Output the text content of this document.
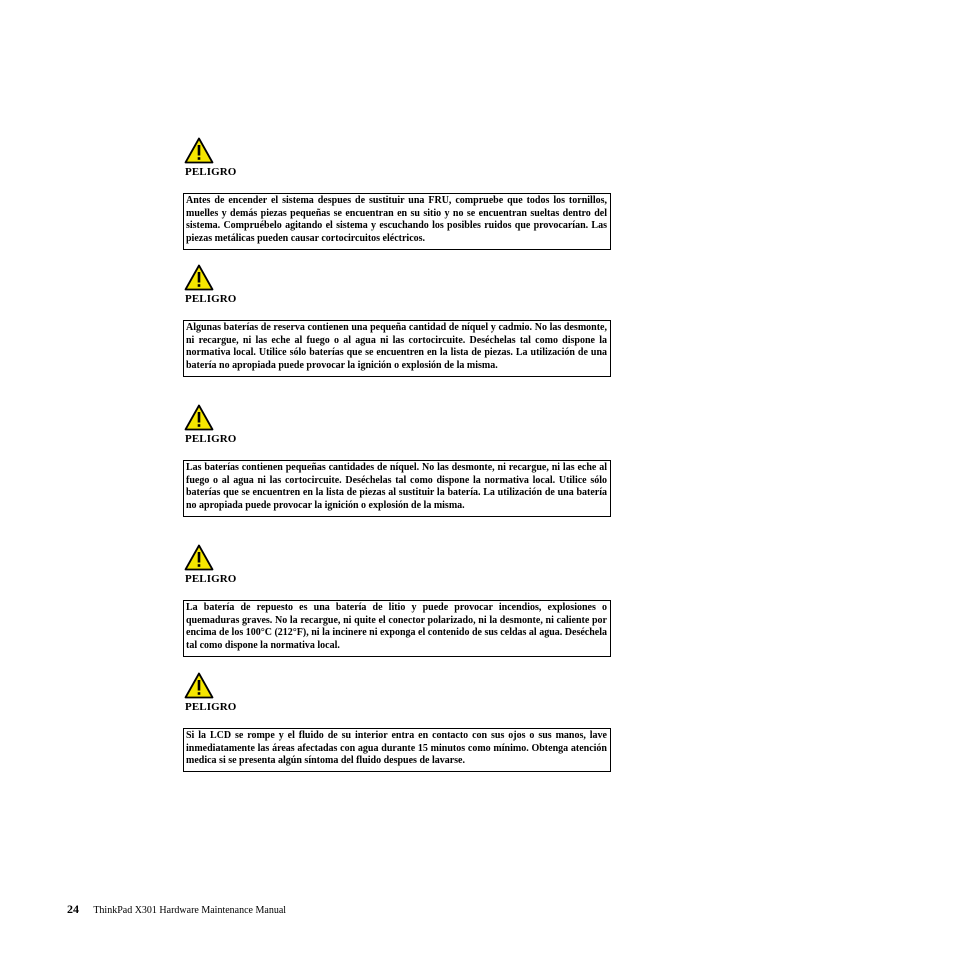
PELIGRO
Antes de encender el sistema despues de sustituir una FRU, compruebe que todos los tornillos, muelles y demás piezas pequeñas se encuentran en su sitio y no se encuentran sueltas dentro del sistema. Compruébelo agitando el sistema y escuchando los posibles ruidos que provocarían. Las piezas metálicas pueden causar cortocircuitos eléctricos.
PELIGRO
Algunas baterías de reserva contienen una pequeña cantidad de níquel y cadmio. No las desmonte, ni recargue, ni las eche al fuego o al agua ni las cortocircuite. Deséchelas tal como dispone la normativa local. Utilice sólo baterías que se encuentren en la lista de piezas. La utilización de una batería no apropiada puede provocar la ignición o explosión de la misma.
PELIGRO
Las baterías contienen pequeñas cantidades de níquel. No las desmonte, ni recargue, ni las eche al fuego o al agua ni las cortocircuite. Deséchelas tal como dispone la normativa local. Utilice sólo baterías que se encuentren en la lista de piezas al sustituir la batería. La utilización de una batería no apropiada puede provocar la ignición o explosión de la misma.
PELIGRO
La batería de repuesto es una batería de litio y puede provocar incendios, explosiones o quemaduras graves. No la recargue, ni quite el conector polarizado, ni la desmonte, ni caliente por encima de los 100°C (212°F), ni la incinere ni exponga el contenido de sus celdas al agua. Deséchela tal como dispone la normativa local.
PELIGRO
Si la LCD se rompe y el fluido de su interior entra en contacto con sus ojos o sus manos, lave inmediatamente las áreas afectadas con agua durante 15 minutos como mínimo. Obtenga atención medica si se presenta algún síntoma del fluido despues de lavarse.
24 ThinkPad X301 Hardware Maintenance Manual
